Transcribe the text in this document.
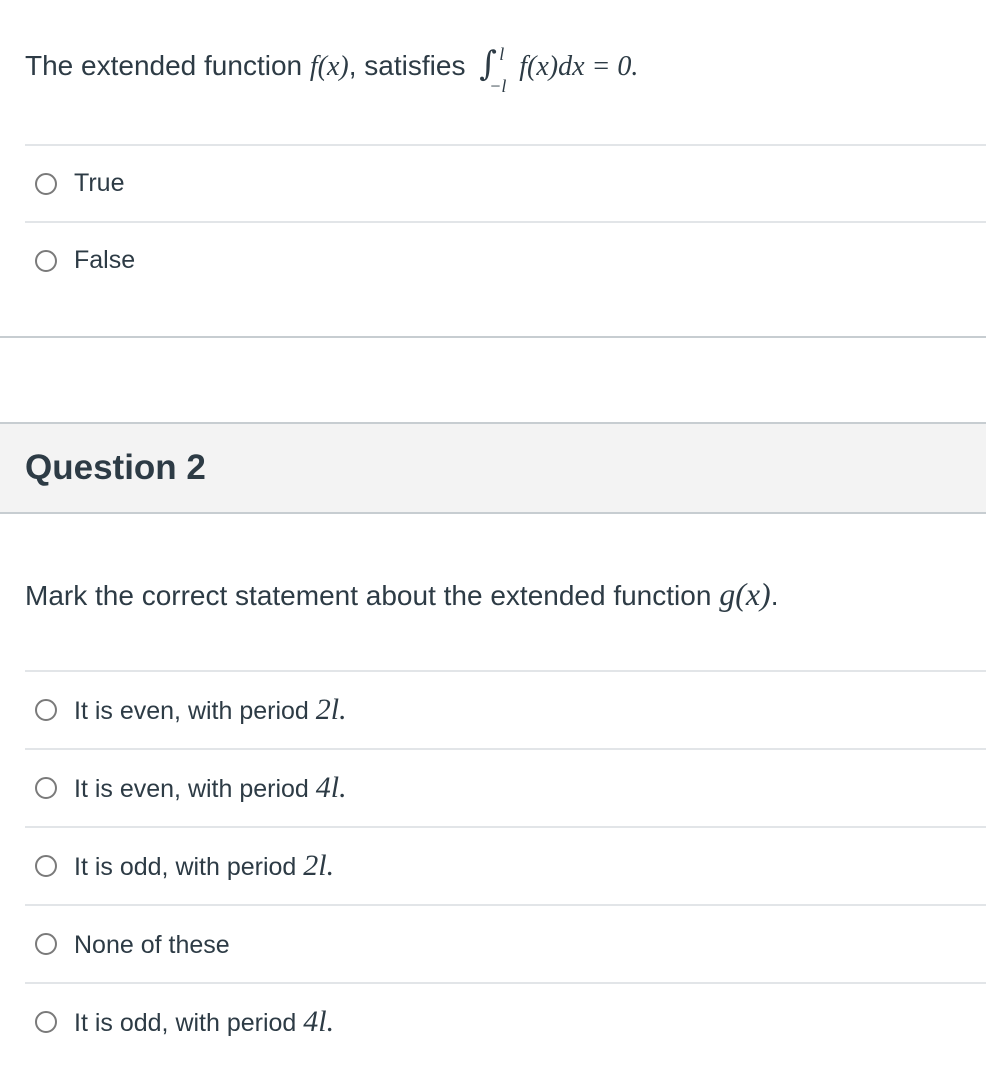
The extended function f(x), satisfies ∫ l
−l
f(x)dx = 0.
True
False
Question 2
Mark the correct statement about the extended function g(x).
It is even, with period 2l.
It is even, with period 4l.
It is odd, with period 2l.
None of these
It is odd, with period 4l.
